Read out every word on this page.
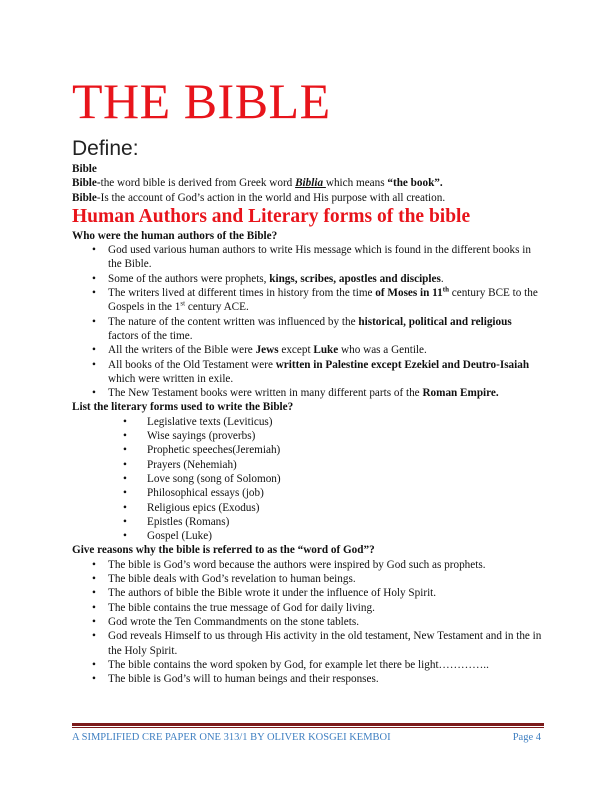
THE BIBLE
Define:

Bible

Bible-the word bible is derived from Greek word Biblia which means “the book”.

Bible-Is the account of God’s action in the world and His purpose with all creation.

Human Authors and Literary forms of the bible

Who were the human authors of the Bible?

• God used various human authors to write His message which is found in the different books in the Bible.
• Some of the authors were prophets, kings, scribes, apostles and disciples.
• The writers lived at different times in history from the time of Moses in 11th century BCE to the Gospels in the 1st century ACE.
• The nature of the content written was influenced by the historical, political and religious factors of the time.
• All the writers of the Bible were Jews except Luke who was a Gentile.
• All books of the Old Testament were written in Palestine except Ezekiel and Deutro-Isaiah which were written in exile.
• The New Testament books were written in many different parts of the Roman Empire.

List the literary forms used to write the Bible?

• Legislative texts (Leviticus)
• Wise sayings (proverbs)
• Prophetic speeches(Jeremiah)
• Prayers (Nehemiah)
• Love song (song of Solomon)
• Philosophical essays (job)
• Religious epics (Exodus)
• Epistles (Romans)
• Gospel (Luke)

Give reasons why the bible is referred to as the “word of God”?

• The bible is God’s word because the authors were inspired by God such as prophets.
• The bible deals with God’s revelation to human beings.
• The authors of bible the Bible wrote it under the influence of Holy Spirit.
• The bible contains the true message of God for daily living.
• God wrote the Ten Commandments on the stone tablets.
• God reveals Himself to us through His activity in the old testament, New Testament and in the in the Holy Spirit.
• The bible contains the word spoken by God, for example let there be light…………..
• The bible is God’s will to human beings and their responses.
A SIMPLIFIED CRE PAPER ONE 313/1 BY OLIVER KOSGEI KEMBOI	Page 4
